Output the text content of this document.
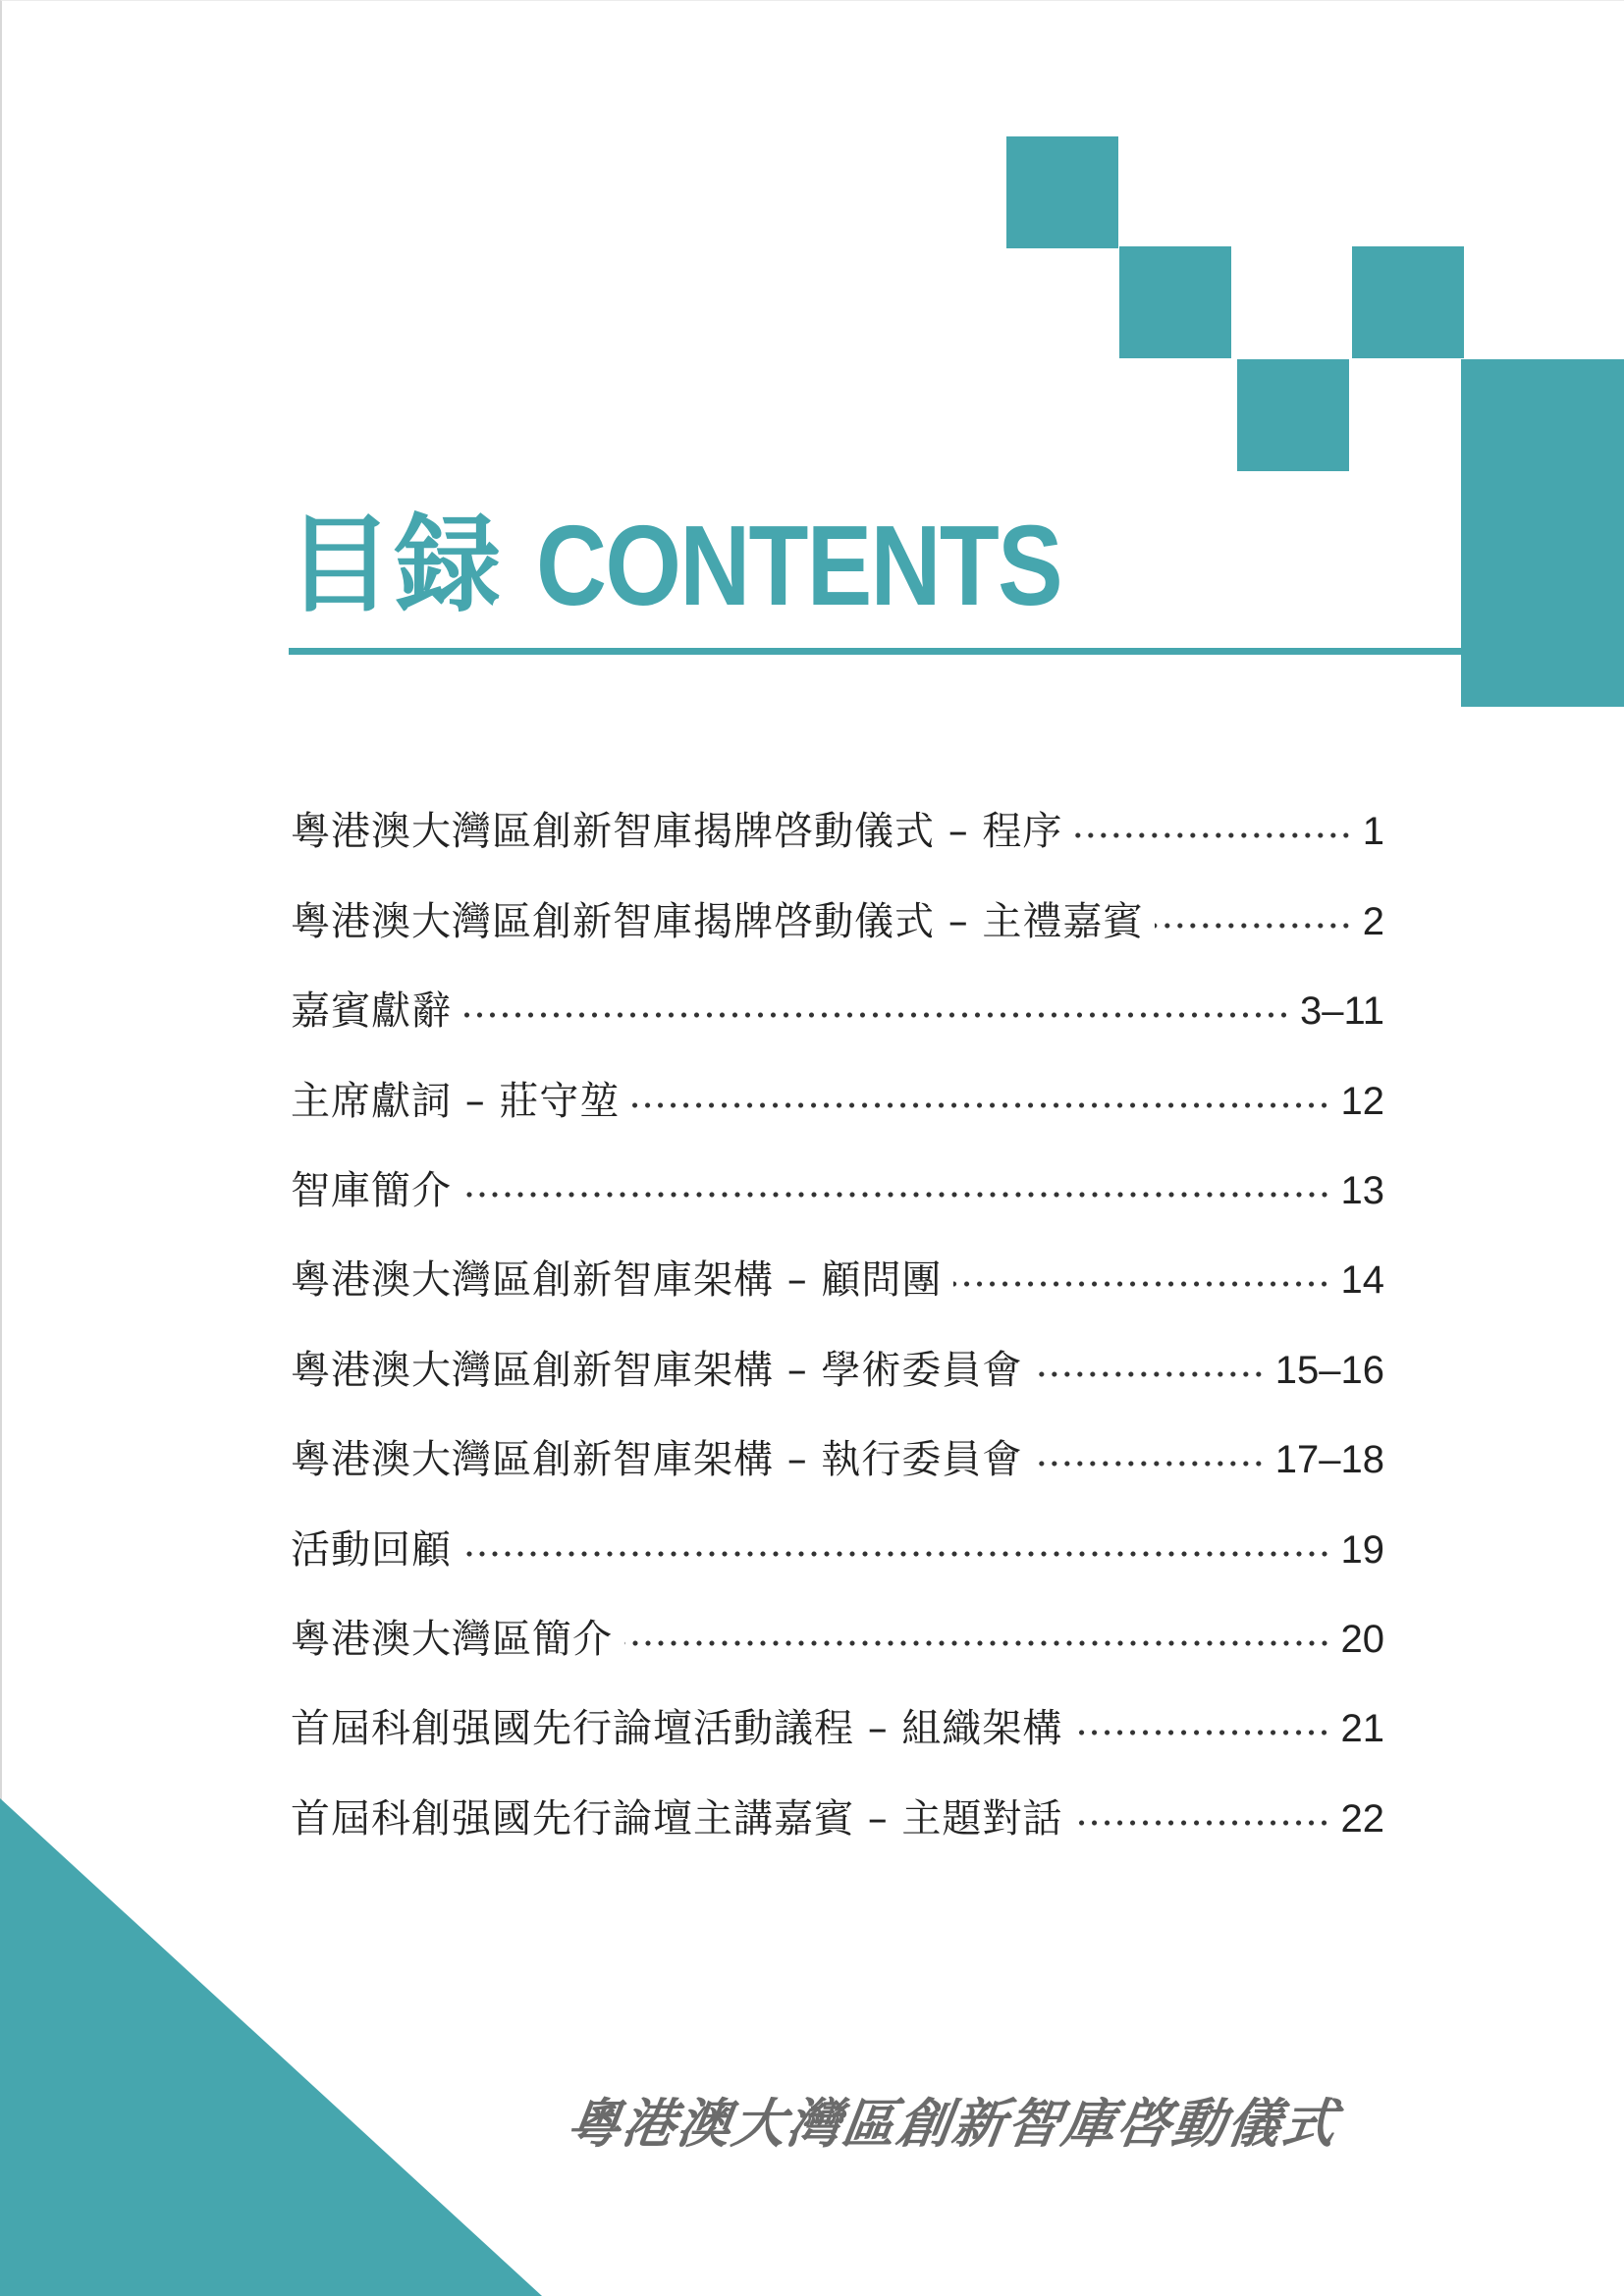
目録 CONTENTS
粵港澳大灣區創新智庫揭牌啓動儀式 – 程序	1
粵港澳大灣區創新智庫揭牌啓動儀式 – 主禮嘉賓	2
嘉賓獻辭	3–11
主席獻詞 – 莊守堃	12
智庫簡介	13
粵港澳大灣區創新智庫架構 – 顧問團	14
粵港澳大灣區創新智庫架構 – 學術委員會	15–16
粵港澳大灣區創新智庫架構 – 執行委員會	17–18
活動回顧	19
粵港澳大灣區簡介	20
首屆科創强國先行論壇活動議程 – 組織架構	21
首屆科創强國先行論壇主講嘉賓 – 主題對話	22
粵港澳大灣區創新智庫啓動儀式
